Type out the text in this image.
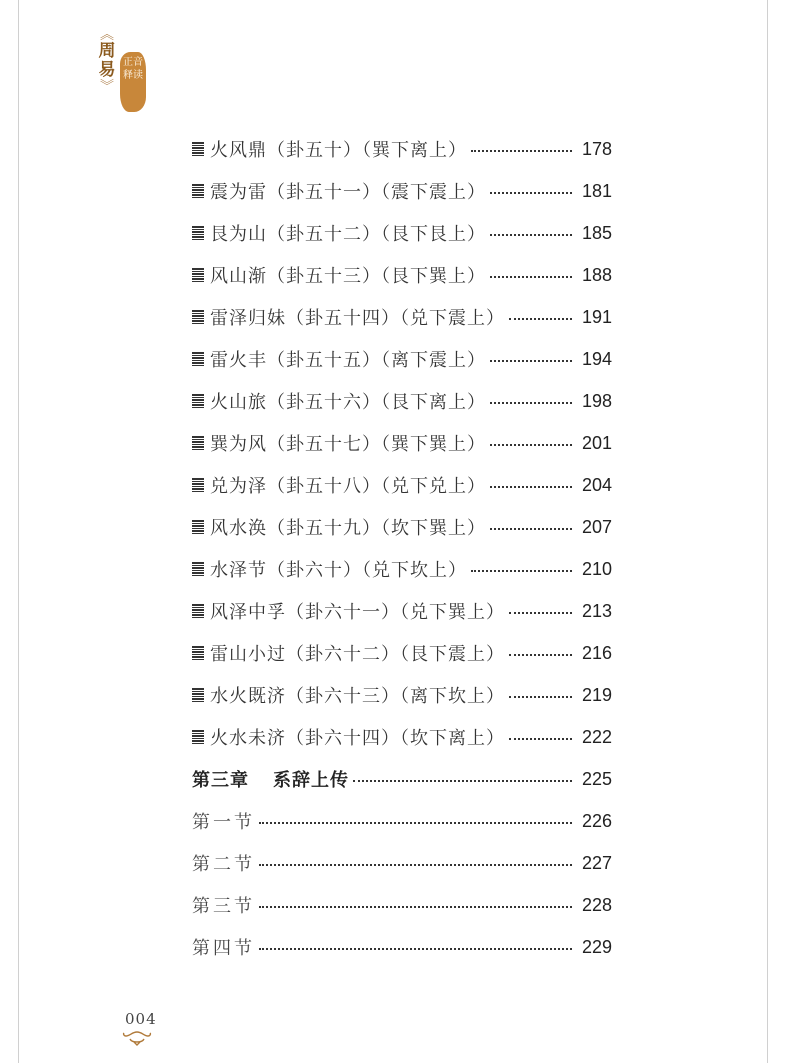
︽
周易
︾
正音释读
火风鼎（卦五十）（巽下离上）	178
震为雷（卦五十一）（震下震上）	181
艮为山（卦五十二）（艮下艮上）	185
风山渐（卦五十三）（艮下巽上）	188
雷泽归妹（卦五十四）（兑下震上）	191
雷火丰（卦五十五）（离下震上）	194
火山旅（卦五十六）（艮下离上）	198
巽为风（卦五十七）（巽下巽上）	201
兑为泽（卦五十八）（兑下兑上）	204
风水涣（卦五十九）（坎下巽上）	207
水泽节（卦六十）（兑下坎上）	210
风泽中孚（卦六十一）（兑下巽上）	213
雷山小过（卦六十二）（艮下震上）	216
水火既济（卦六十三）（离下坎上）	219
火水未济（卦六十四）（坎下离上）	222
第三章 系辞上传	225
第一节	226
第二节	227
第三节	228
第四节	229
004
